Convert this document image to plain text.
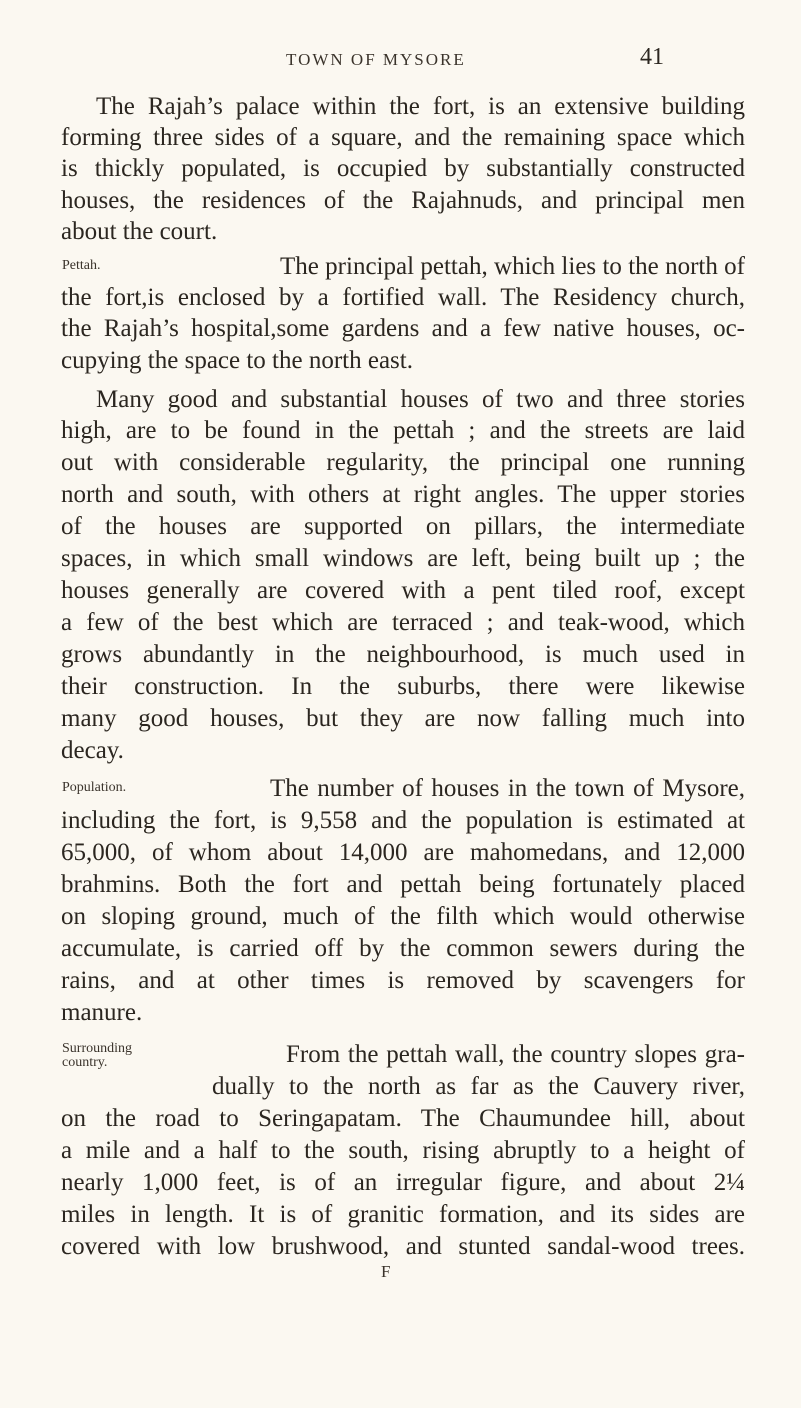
TOWN OF MYSORE	41
The Rajah’s palace within the fort, is an extensive building
forming three sides of a square, and the remaining space which
is thickly populated, is occupied by substantially constructed
houses, the residences of the Rajahnuds, and principal men
about the court.
Pettah.	The principal pettah, which lies to the north of
the fort,is enclosed by a fortified wall. The Residency church,
the Rajah’s hospital,some gardens and a few native houses, oc-
cupying the space to the north east.
Many good and substantial houses of two and three stories
high, are to be found in the pettah ; and the streets are laid
out with considerable regularity, the principal one running
north and south, with others at right angles. The upper stories
of the houses are supported on pillars, the intermediate
spaces, in which small windows are left, being built up ; the
houses generally are covered with a pent tiled roof, except
a few of the best which are terraced ; and teak-wood, which
grows abundantly in the neighbourhood, is much used in
their construction. In the suburbs, there were likewise
many good houses, but they are now falling much into
decay.
Population.	The number of houses in the town of Mysore,
including the fort, is 9,558 and the population is estimated at
65,000, of whom about 14,000 are mahomedans, and 12,000
brahmins. Both the fort and pettah being fortunately placed
on sloping ground, much of the filth which would otherwise
accumulate, is carried off by the common sewers during the
rains, and at other times is removed by scavengers for
manure.
Surrounding
country.	From the pettah wall, the country slopes gra-
dually to the north as far as the Cauvery river,
on the road to Seringapatam. The Chaumundee hill, about
a mile and a half to the south, rising abruptly to a height of
nearly 1,000 feet, is of an irregular figure, and about 2¼
miles in length. It is of granitic formation, and its sides are
covered with low brushwood, and stunted sandal-wood trees.
F
